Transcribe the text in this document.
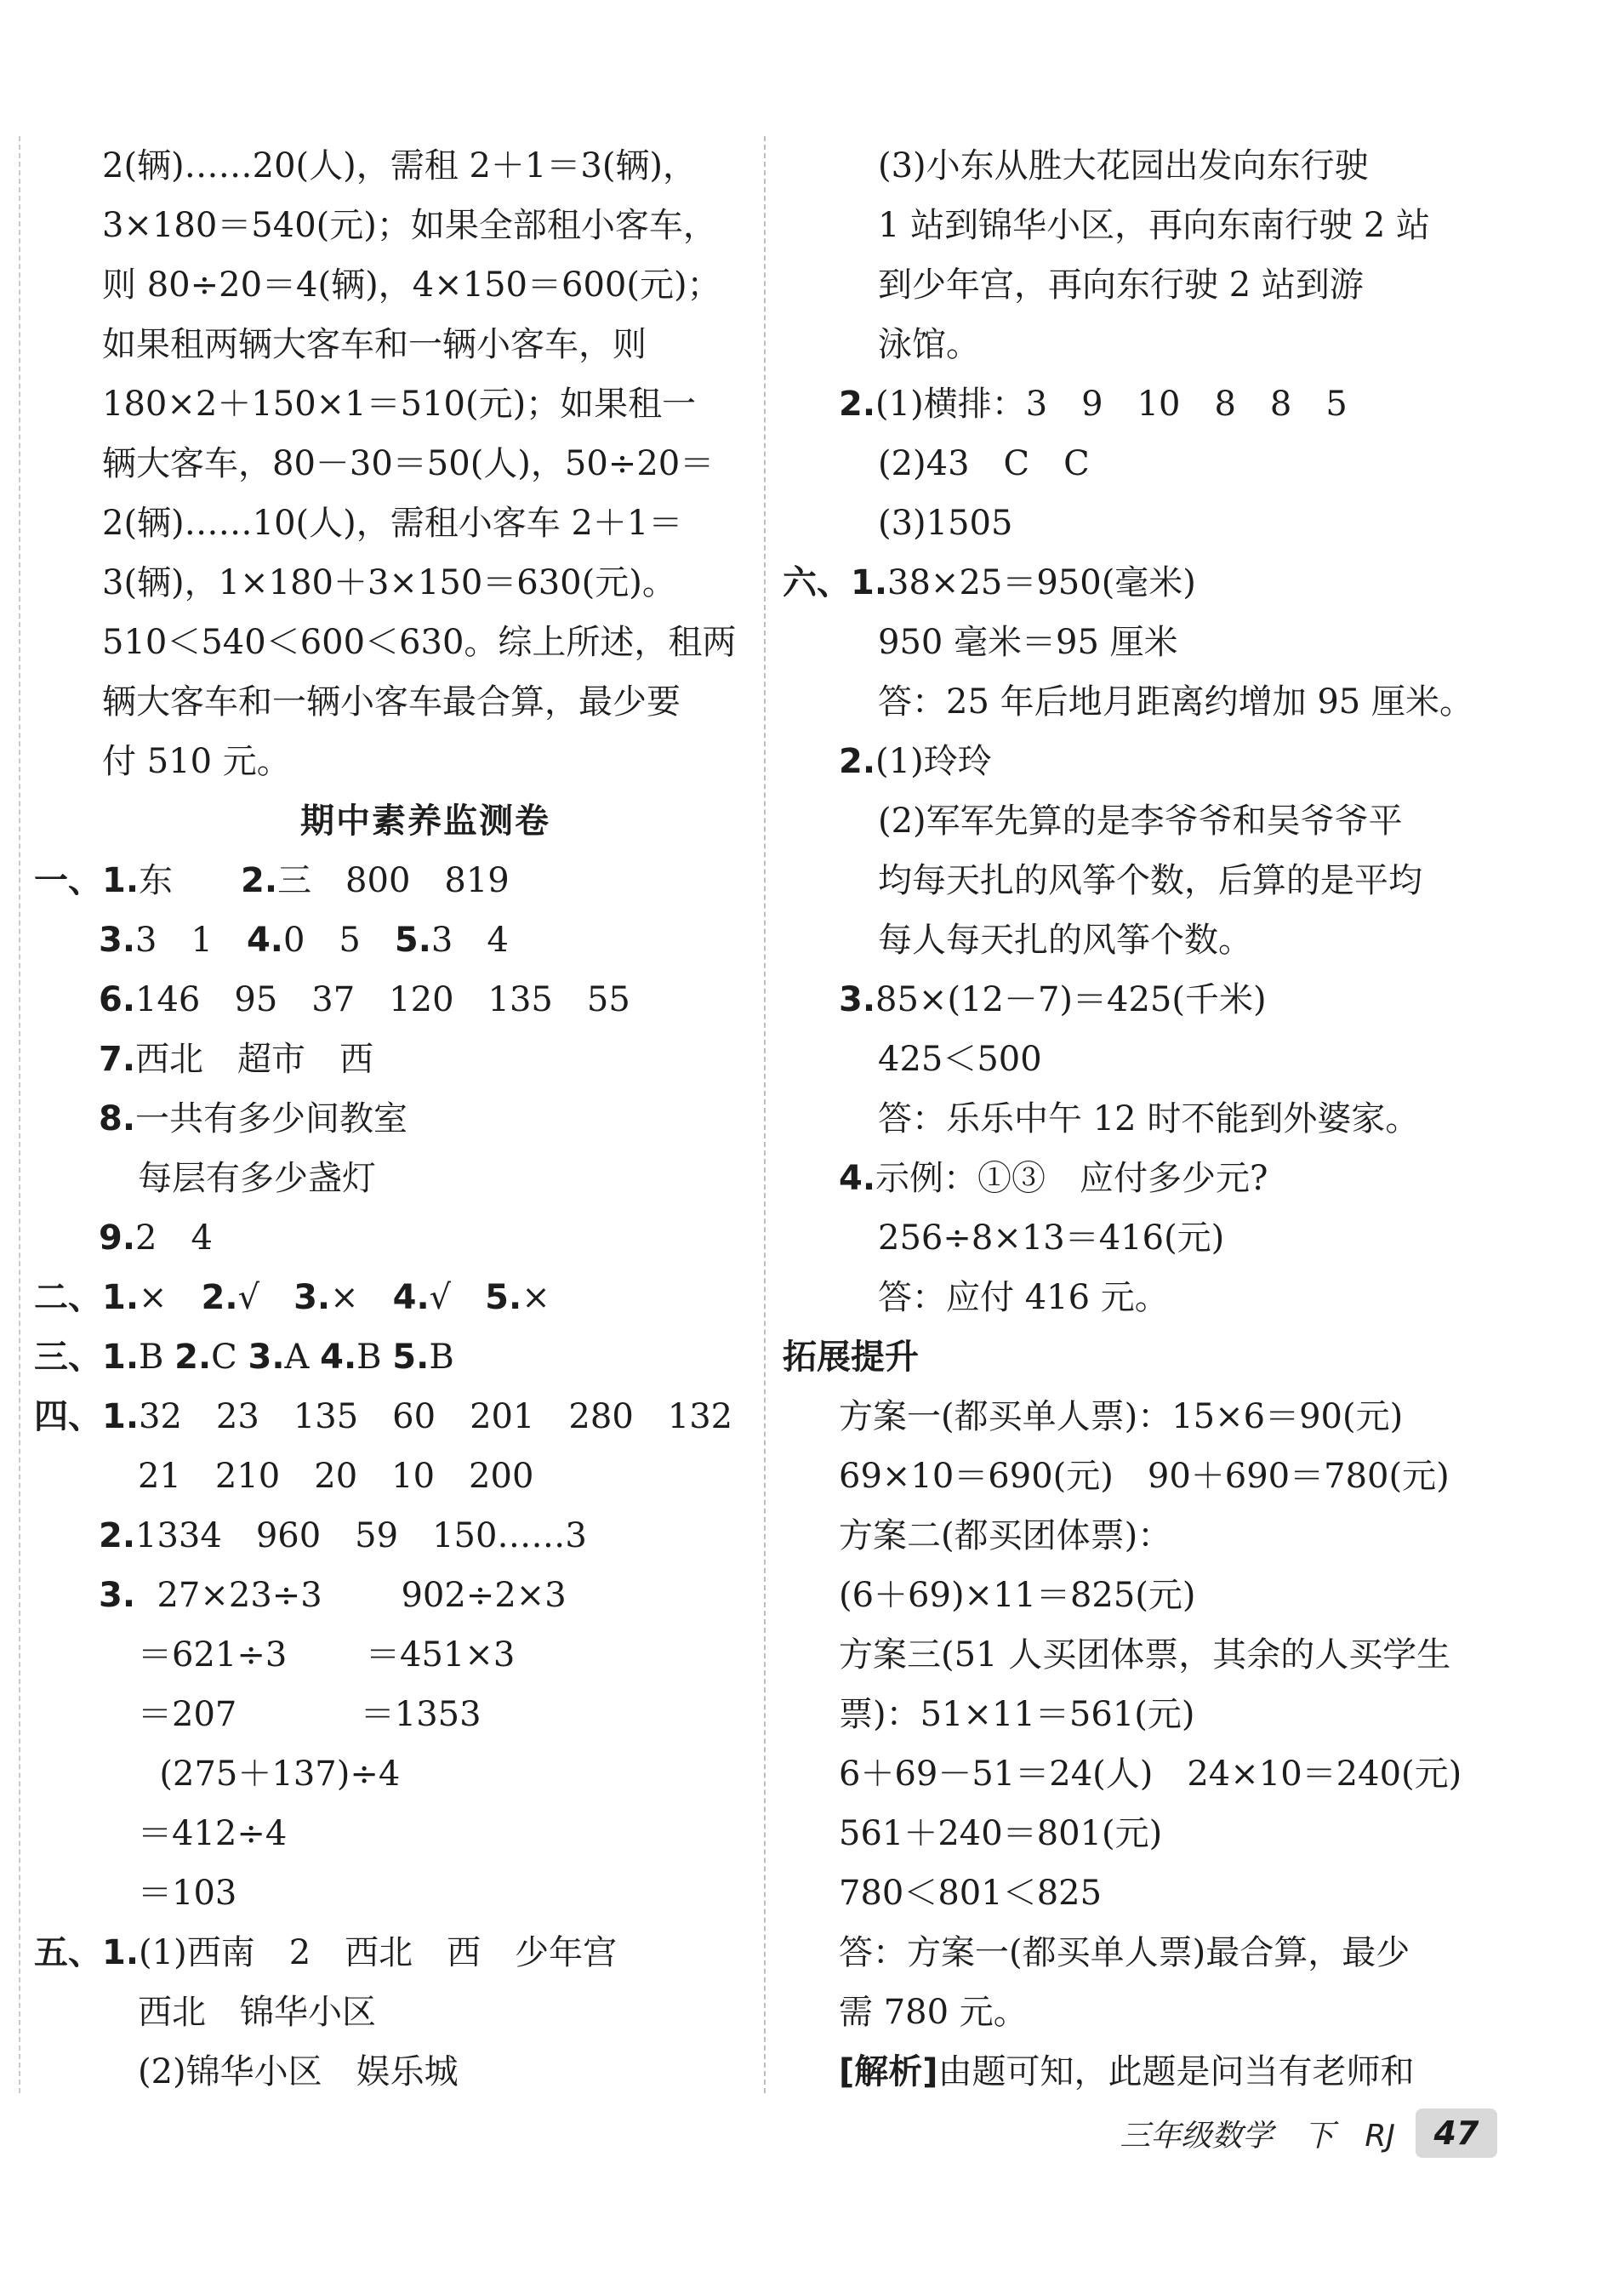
2(辆)……20(人)，需租 2＋1＝3(辆)，
3×180＝540(元)；如果全部租小客车，
则 80÷20＝4(辆)，4×150＝600(元)；
如果租两辆大客车和一辆小客车，则
180×2＋150×1＝510(元)；如果租一
辆大客车，80－30＝50(人)，50÷20＝
2(辆)……10(人)，需租小客车 2＋1＝
3(辆)，1×180＋3×150＝630(元)。
510＜540＜600＜630。综上所述，租两
辆大客车和一辆小客车最合算，最少要
付 510 元。
期中素养监测卷
一、1.东　　 2.三　800　819
3.3　1　 4.0　5　 5.3　4
6.146　95　37　120　135　55
7.西北　超市　西
8.一共有多少间教室
每层有多少盏灯
9.2　4
二、1.×　2.√　3.×　4.√　5.×
三、1.B 2.C 3.A 4.B 5.B
四、1.32　23　135　60　201　280　132
21　210　20　10　200
2.1334　960　59　150……3
3.  27×23÷3　　 902÷2×3
＝621÷3　　 ＝451×3
＝207　　　  ＝1353
(275＋137)÷4
＝412÷4
＝103
五、1.(1)西南　2　西北　西　少年宫
西北　锦华小区
(2)锦华小区　娱乐城
(3)小东从胜大花园出发向东行驶
1 站到锦华小区，再向东南行驶 2 站
到少年宫，再向东行驶 2 站到游
泳馆。
2.(1)横排：3　9　10　8　8　5
(2)43　C　C
(3)1505
六、1.38×25＝950(毫米)
950 毫米＝95 厘米
答：25 年后地月距离约增加 95 厘米。
2.(1)玲玲
(2)军军先算的是李爷爷和吴爷爷平
均每天扎的风筝个数，后算的是平均
每人每天扎的风筝个数。
3.85×(12－7)＝425(千米)
425＜500
答：乐乐中午 12 时不能到外婆家。
4.示例：①③　应付多少元?
256÷8×13＝416(元)
答：应付 416 元。
拓展提升
方案一(都买单人票)：15×6＝90(元)
69×10＝690(元)　90＋690＝780(元)
方案二(都买团体票)：
(6＋69)×11＝825(元)
方案三(51 人买团体票，其余的人买学生
票)：51×11＝561(元)
6＋69－51＝24(人)　24×10＝240(元)
561＋240＝801(元)
780＜801＜825
答：方案一(都买单人票)最合算，最少
需 780 元。
[解析]由题可知，此题是问当有老师和
三年级数学　下　RJ	47
